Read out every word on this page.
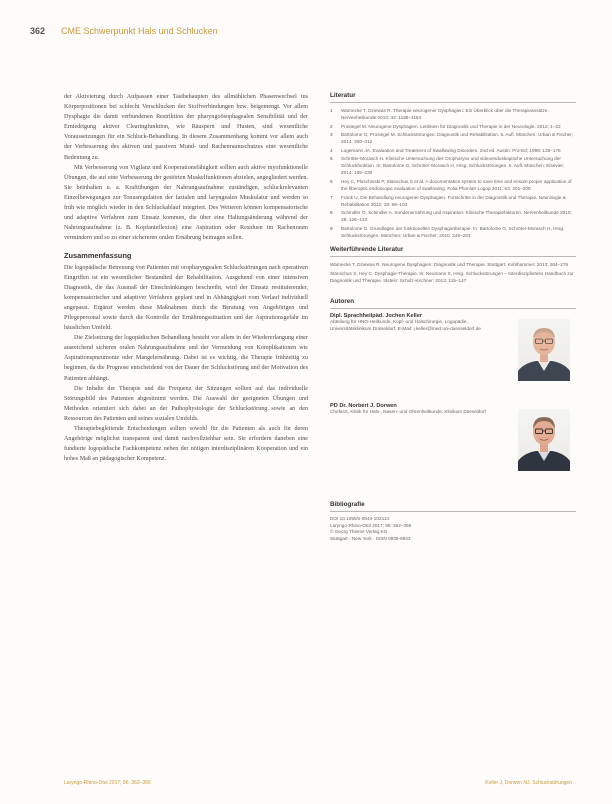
362 CME Schwerpunkt Hals und Schlucken

der Aktivierung durch Aufpassen einer Tastbehaupten des allmählichen Phasenwechsel ins Körperpositionen bei schlecht Verschlucken der Stoffverbindungen bzw. beigemengt. Vor allem Dysphagie die damit verbundenen Restriktion der pharyngoösophagealen Sensibilität und der Erniedrigung aktiver Clearingfunktion, wie Räuspern und Husten, sind wesentliche Voraussetzungen für ein Schluck-Behandlung. In diesem Zusammenhang kommt vor allem auch der Verbesserung des aktiven und passiven Mund- und Rachenraumschutzes eine wesentliche Bedeutung zu.

Mit Verbesserung von Vigilanz und Kooperationsfähigkeit sollten auch aktive myofunktionelle Übungen, die auf eine Verbesserung der gestörten Muskelfunktionen abzielen, angegliedert werden. Sie beinhalten u. a. Kraftübungen der Nahrungsaufnahme zuständigen, schluckrelevanten Einzelbewegungen zur Tonusregulation der fazialen und laryngealen Muskulatur und werden so früh wie möglich wieder in den Schluckablauf integriert. Des Weiteren können kompensatorische und adaptive Verfahren zum Einsatz kommen, die über eine Haltungsänderung während der Nahrungsaufnahme (z. B. Kopfanteflexion) eine Aspiration oder Residuen im Rachenraum vermindern und so zu einer sichereren oralen Ernährung beitragen sollen.

Zusammenfassung

Die logopädische Betreuung von Patienten mit oropharyngealen Schluckstörungen nach operativen Eingriffen ist ein wesentlicher Bestandteil der Rehabilitation. Ausgehend von einer intensiven Diagnostik, die das Ausmaß der Einschränkungen beschreibt, wird der Einsatz restituierender, kompensatorischer und adaptiver Verfahren geplant und in Abhängigkeit vom Verlauf individuell angepasst. Ergänzt werden diese Maßnahmen durch die Beratung von Angehörigen und Pflegepersonal sowie durch die Kontrolle der Ernährungssituation und der Aspirationsgefahr im häuslichen Umfeld.

Die Zielsetzung der logopädischen Behandlung besteht vor allem in der Wiedererlangung einer ausreichend sicheren oralen Nahrungsaufnahme und der Vermeidung von Komplikationen wie Aspirationspneumonie oder Mangelernährung. Dabei ist es wichtig, die Therapie frühzeitig zu beginnen, da die Prognose entscheidend von der Dauer der Schluckstörung und der Motivation des Patienten abhängt.

Die Inhalte der Therapie und die Frequenz der Sitzungen sollten auf das individuelle Störungsbild des Patienten abgestimmt werden. Die Auswahl der geeigneten Übungen und Methoden orientiert sich dabei an der Pathophysiologie der Schluckstörung sowie an den Ressourcen des Patienten und seines sozialen Umfelds.

Therapiebegleitende Entscheidungen sollten sowohl für die Patienten als auch für deren Angehörige möglichst transparent und damit nachvollziehbar sein. Sie erfordern daneben eine fundierte logopädische Fachkompetenz neben der nötigen interdisziplinären Kooperation und ein hohes Maß an pädagogischer Kompetenz.

Literatur
1	Warnecke T, Dziewas R. Therapie neurogener Dysphagien: Ein Überblick über die Therapieansätze. Nervenheilkunde 2013; 32: 1158–1164
2	Prosiegel M. Neurogene Dysphagien. Leitlinien für Diagnostik und Therapie in der Neurologie. 2012; 1–22
3	Bartolome G, Prosiegel M. Schluckstörungen: Diagnostik und Rehabilitation. 5. Aufl. München: Urban & Fischer; 2014: 300–312
4	Logemann JA. Evaluation and Treatment of Swallowing Disorders. 2nd ed. Austin: Pro-Ed; 1998: 135–176
5	Schröter-Morasch H. Klinische Untersuchung des Oropharynx und videoendoskopische Untersuchung der Schluckfunktion. In: Bartolome G, Schröter-Morasch H, Hrsg. Schluckstörungen. 5. Aufl. München: Elsevier; 2014: 185–230
6	Hey C, Pluschinski P, Stanschus S et al. A documentation system to save time and ensure proper application of the fiberoptic endoscopic evaluation of swallowing. Folia Phoniatr Logop 2011; 63: 201–208
7	Frank U. Die Behandlung neurogener Dysphagien. Fortschritte in der Diagnostik und Therapie. Neurologie & Rehabilitation 2012; 18: 99–103
8	Schindler O, Schindler A. Sondenernährung und Aspiration: Klinische Therapiefaktoren. Nervenheilkunde 2010; 29: 126–132
9	Bartolome G. Grundlagen der funktionellen Dysphagietherapie. In: Bartolome G, Schröter-Morasch H, Hrsg. Schluckstörungen. München: Urban & Fischer; 2010: 245–283
Weiterführende Literatur

Warnecke T, Dziewas R. Neurogene Dysphagien: Diagnostik und Therapie. Stuttgart: Kohlhammer; 2013: 264–276

Stanschus S, Hey C. Dysphagie-Therapie. In: Neumann S, Hrsg. Schluckstörungen – Interdisziplinäres Handbuch zur Diagnostik und Therapie. Idstein: Schulz-Kirchner; 2013: 115–147

Autoren
Dipl. Sprachheilpäd. Jochen Keller
Abteilung für HNO-Heilkunde, Kopf- und Halschirurgie, Logopädie, Universitätsklinikum Düsseldorf. E-Mail: j.keller@med.uni-duesseldorf.de
PD Dr. Norbert J. Dorwen
Chefarzt, Klinik für Hals-, Nasen- und Ohrenheilkunde, Klinikum Düsseldorf
Bibliografie

DOI 10.1055/s-0043-102114

Laryngo-Rhino-Otol 2017; 96: 362–366

© Georg Thieme Verlag KG

Stuttgart · New York · ISSN 0935-8943

Laryngo-Rhino-Otol 2017; 96: 362–366	Keller J, Dorwen NJ. Schluckstörungen
